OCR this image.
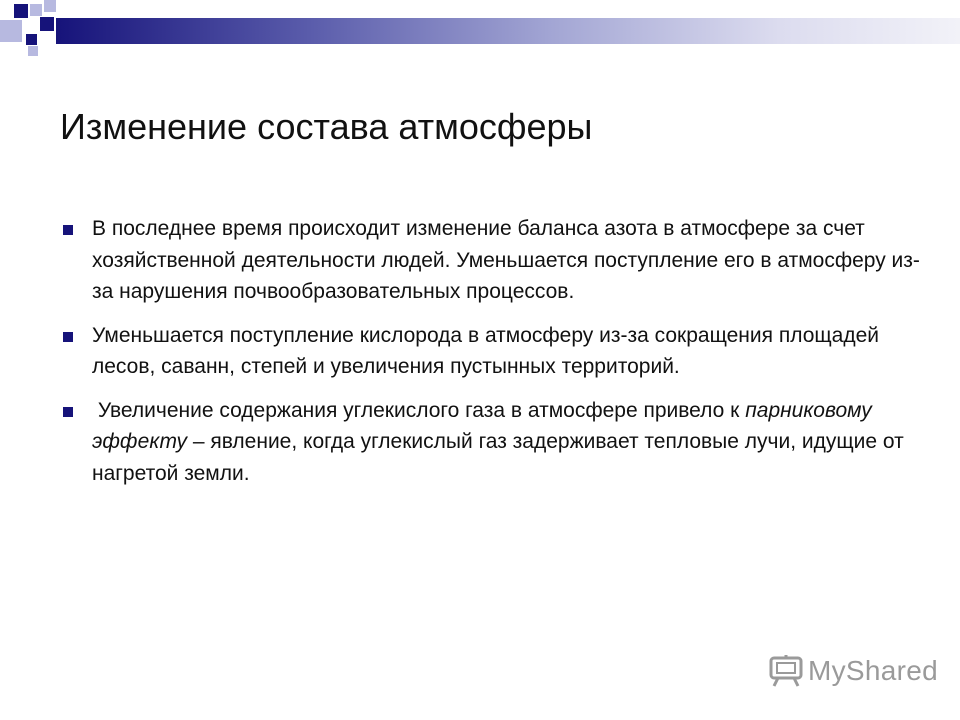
Изменение состава атмосферы
В последнее время происходит изменение баланса азота в атмосфере за счет хозяйственной деятельности людей. Уменьшается поступление его в атмосферу из-за нарушения почвообразовательных процессов.
Уменьшается поступление кислорода в атмосферу из-за сокращения площадей лесов, саванн, степей и увеличения пустынных территорий.
Увеличение содержания углекислого газа в атмосфере привело к парниковому эффекту – явление, когда углекислый газ задерживает тепловые лучи, идущие от нагретой земли.
MyShared
